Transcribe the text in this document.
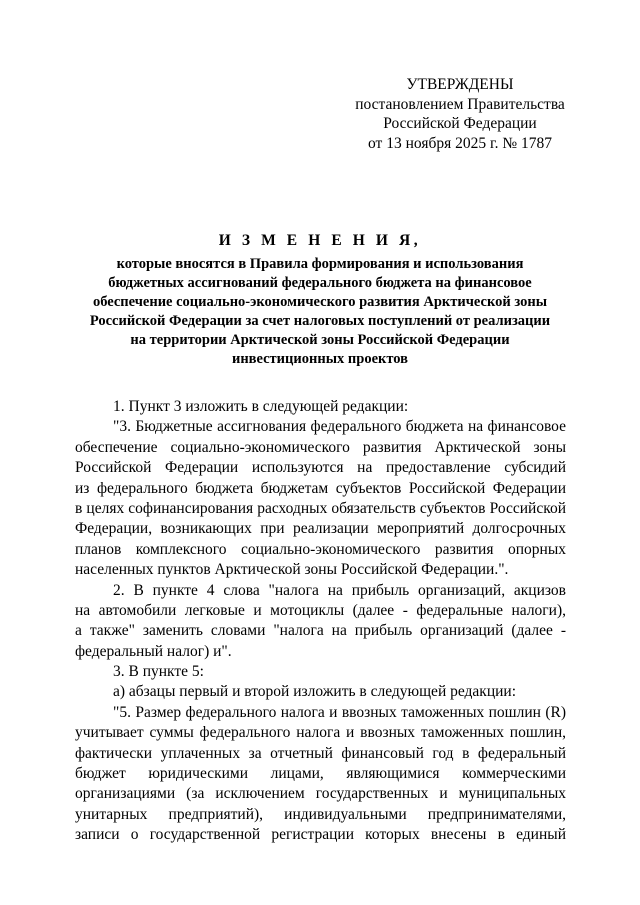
УТВЕРЖДЕНЫ
постановлением Правительства
Российской Федерации
от 13 ноября 2025 г. № 1787
И З М Е Н Е Н И Я,
которые вносятся в Правила формирования и использования
бюджетных ассигнований федерального бюджета на финансовое
обеспечение социально-экономического развития Арктической зоны
Российской Федерации за счет налоговых поступлений от реализации
на территории Арктической зоны Российской Федерации
инвестиционных проектов
1. Пункт 3 изложить в следующей редакции:
"3. Бюджетные ассигнования федерального бюджета на финансовое
обеспечение социально-экономического развития Арктической зоны
Российской Федерации используются на предоставление субсидий
из федерального бюджета бюджетам субъектов Российской Федерации
в целях софинансирования расходных обязательств субъектов Российской
Федерации, возникающих при реализации мероприятий долгосрочных
планов комплексного социально-экономического развития опорных
населенных пунктов Арктической зоны Российской Федерации.".
2. В пункте 4 слова "налога на прибыль организаций, акцизов
на автомобили легковые и мотоциклы (далее - федеральные налоги),
а также" заменить словами "налога на прибыль организаций (далее -
федеральный налог) и".
3. В пункте 5:
а) абзацы первый и второй изложить в следующей редакции:
"5. Размер федерального налога и ввозных таможенных пошлин (R)
учитывает суммы федерального налога и ввозных таможенных пошлин,
фактически уплаченных за отчетный финансовый год в федеральный
бюджет юридическими лицами, являющимися коммерческими
организациями (за исключением государственных и муниципальных
унитарных предприятий), индивидуальными предпринимателями,
записи о государственной регистрации которых внесены в единый
